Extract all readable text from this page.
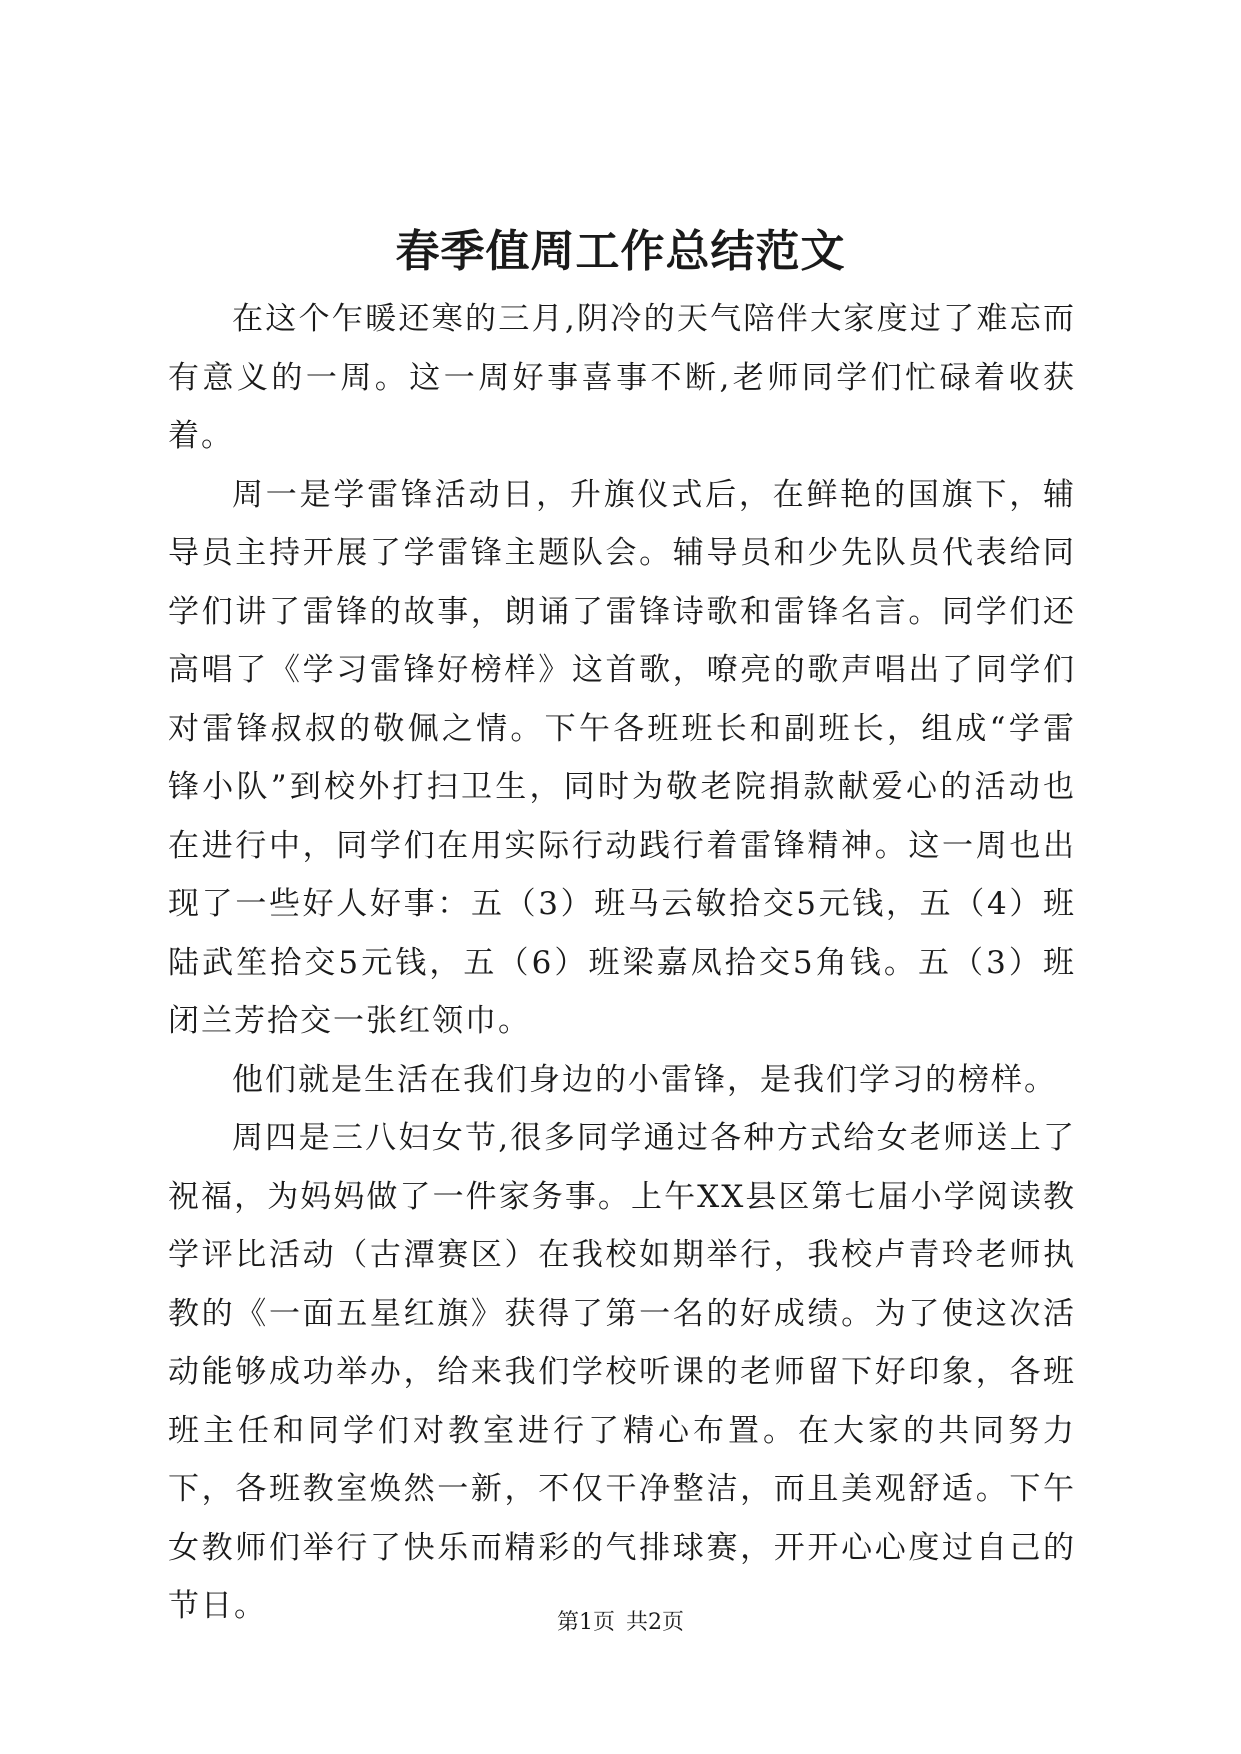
春季值周工作总结范文

在这个乍暖还寒的三月,阴冷的天气陪伴大家度过了难忘而有意义的一周。这一周好事喜事不断,老师同学们忙碌着收获着。

周一是学雷锋活动日，升旗仪式后，在鲜艳的国旗下，辅导员主持开展了学雷锋主题队会。辅导员和少先队员代表给同学们讲了雷锋的故事，朗诵了雷锋诗歌和雷锋名言。同学们还高唱了《学习雷锋好榜样》这首歌，嘹亮的歌声唱出了同学们对雷锋叔叔的敬佩之情。下午各班班长和副班长，组成“学雷锋小队”到校外打扫卫生，同时为敬老院捐款献爱心的活动也在进行中，同学们在用实际行动践行着雷锋精神。这一周也出现了一些好人好事：五（3）班马云敏拾交5元钱，五（4）班陆武笙拾交5元钱，五（6）班梁嘉凤拾交5角钱。五（3）班闭兰芳拾交一张红领巾。

他们就是生活在我们身边的小雷锋，是我们学习的榜样。

周四是三八妇女节,很多同学通过各种方式给女老师送上了祝福，为妈妈做了一件家务事。上午XX县区第七届小学阅读教学评比活动（古潭赛区）在我校如期举行，我校卢青玲老师执教的《一面五星红旗》获得了第一名的好成绩。为了使这次活动能够成功举办，给来我们学校听课的老师留下好印象，各班班主任和同学们对教室进行了精心布置。在大家的共同努力下，各班教室焕然一新，不仅干净整洁，而且美观舒适。下午女教师们举行了快乐而精彩的气排球赛，开开心心度过自己的节日。	第1页 共2页
